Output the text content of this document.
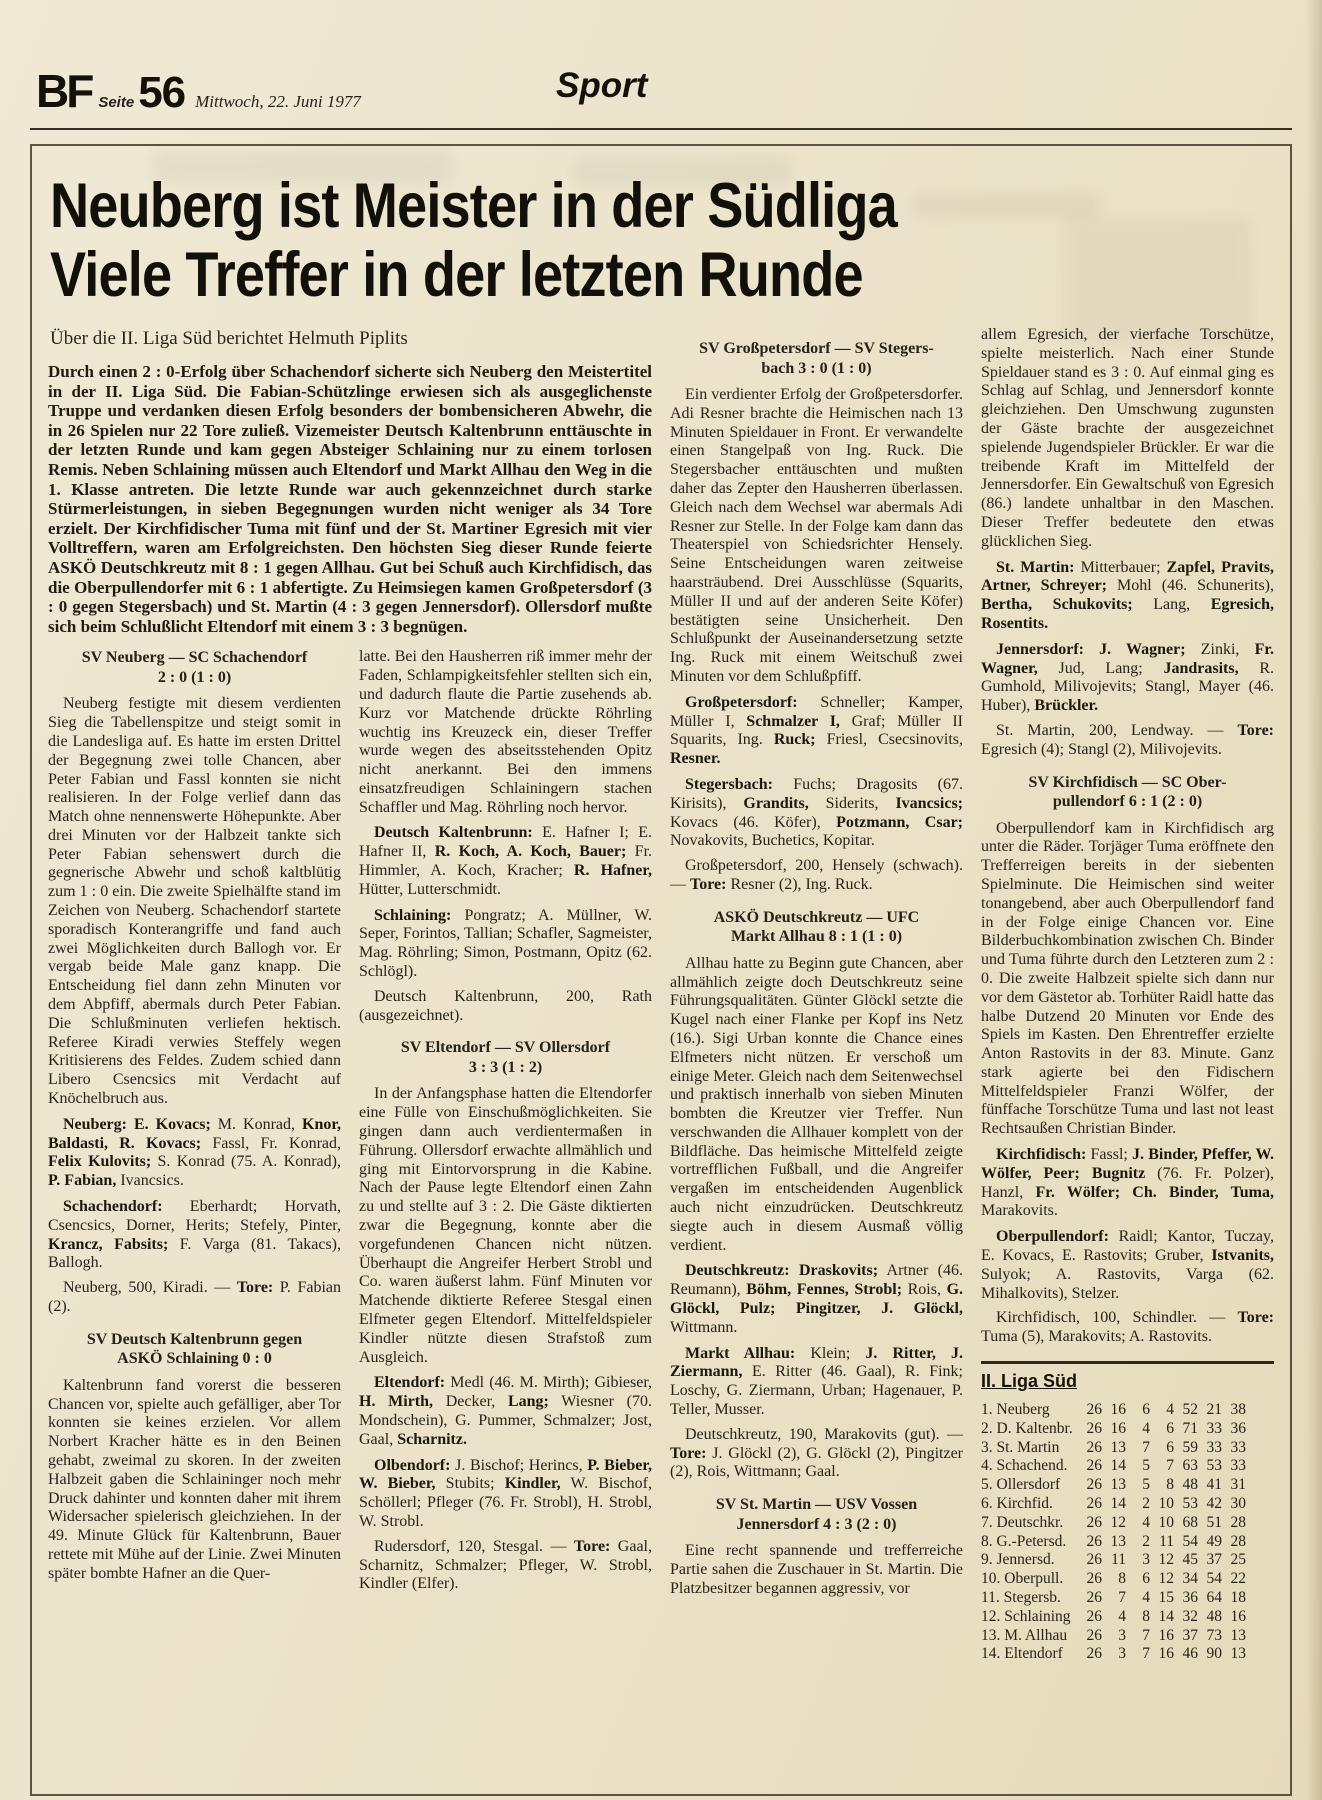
BF Seite 56 Mittwoch, 22. Juni 1977	Sport
Neuberg ist Meister in der Südliga
Viele Treffer in der letzten Runde
Über die II. Liga Süd berichtet Helmuth Piplits

Durch einen 2 : 0-Erfolg über Schachendorf sicherte sich Neuberg den Meistertitel in der II. Liga Süd. Die Fabian-Schützlinge erwiesen sich als ausgeglichenste Truppe und verdanken diesen Erfolg besonders der bombensicheren Abwehr, die in 26 Spielen nur 22 Tore zuließ. Vizemeister Deutsch Kaltenbrunn enttäuschte in der letzten Runde und kam gegen Absteiger Schlaining nur zu einem torlosen Remis. Neben Schlaining müssen auch Eltendorf und Markt Allhau den Weg in die 1. Klasse antreten. Die letzte Runde war auch gekennzeichnet durch starke Stürmerleistungen, in sieben Begegnungen wurden nicht weniger als 34 Tore erzielt. Der Kirchfidischer Tuma mit fünf und der St. Martiner Egresich mit vier Volltreffern, waren am Erfolgreichsten. Den höchsten Sieg dieser Runde feierte ASKÖ Deutschkreutz mit 8 : 1 gegen Allhau. Gut bei Schuß auch Kirchfidisch, das die Oberpullendorfer mit 6 : 1 abfertigte. Zu Heimsiegen kamen Großpetersdorf (3 : 0 gegen Stegersbach) und St. Martin (4 : 3 gegen Jennersdorf). Ollersdorf mußte sich beim Schlußlicht Eltendorf mit einem 3 : 3 begnügen.

SV Neuberg — SC Schachendorf
2 : 0 (1 : 0)

Neuberg festigte mit diesem verdienten Sieg die Tabellenspitze und steigt somit in die Landesliga auf. Es hatte im ersten Drittel der Begegnung zwei tolle Chancen, aber Peter Fabian und Fassl konnten sie nicht realisieren. In der Folge verlief dann das Match ohne nennenswerte Höhepunkte. Aber drei Minuten vor der Halbzeit tankte sich Peter Fabian sehenswert durch die gegnerische Abwehr und schoß kaltblütig zum 1 : 0 ein. Die zweite Spielhälfte stand im Zeichen von Neuberg. Schachendorf startete sporadisch Konterangriffe und fand auch zwei Möglichkeiten durch Ballogh vor. Er vergab beide Male ganz knapp. Die Entscheidung fiel dann zehn Minuten vor dem Abpfiff, abermals durch Peter Fabian. Die Schlußminuten verliefen hektisch. Referee Kiradi verwies Steffely wegen Kritisierens des Feldes. Zudem schied dann Libero Csencsics mit Verdacht auf Knöchelbruch aus.

Neuberg: E. Kovacs; M. Konrad, Knor, Baldasti, R. Kovacs; Fassl, Fr. Konrad, Felix Kulovits; S. Konrad (75. A. Konrad), P. Fabian, Ivancsics.

Schachendorf: Eberhardt; Horvath, Csencsics, Dorner, Herits; Stefely, Pinter, Krancz, Fabsits; F. Varga (81. Takacs), Ballogh.

Neuberg, 500, Kiradi. — Tore: P. Fabian (2).

SV Deutsch Kaltenbrunn gegen
ASKÖ Schlaining 0 : 0

Kaltenbrunn fand vorerst die besseren Chancen vor, spielte auch gefälliger, aber Tor konnten sie keines erzielen. Vor allem Norbert Kracher hätte es in den Beinen gehabt, zweimal zu skoren. In der zweiten Halbzeit gaben die Schlaininger noch mehr Druck dahinter und konnten daher mit ihrem Widersacher spielerisch gleichziehen. In der 49. Minute Glück für Kaltenbrunn, Bauer rettete mit Mühe auf der Linie. Zwei Minuten später bombte Hafner an die Quer-

latte. Bei den Hausherren riß immer mehr der Faden, Schlampigkeitsfehler stellten sich ein, und dadurch flaute die Partie zusehends ab. Kurz vor Matchende drückte Röhrling wuchtig ins Kreuzeck ein, dieser Treffer wurde wegen des abseitsstehenden Opitz nicht anerkannt. Bei den immens einsatzfreudigen Schlainingern stachen Schaffler und Mag. Röhrling noch hervor.

Deutsch Kaltenbrunn: E. Hafner I; E. Hafner II, R. Koch, A. Koch, Bauer; Fr. Himmler, A. Koch, Kracher; R. Hafner, Hütter, Lutterschmidt.

Schlaining: Pongratz; A. Müllner, W. Seper, Forintos, Tallian; Schafler, Sagmeister, Mag. Röhrling; Simon, Postmann, Opitz (62. Schlögl).

Deutsch Kaltenbrunn, 200, Rath (ausgezeichnet).

SV Eltendorf — SV Ollersdorf
3 : 3 (1 : 2)

In der Anfangsphase hatten die Eltendorfer eine Fülle von Einschußmöglichkeiten. Sie gingen dann auch verdientermaßen in Führung. Ollersdorf erwachte allmählich und ging mit Eintorvorsprung in die Kabine. Nach der Pause legte Eltendorf einen Zahn zu und stellte auf 3 : 2. Die Gäste diktierten zwar die Begegnung, konnte aber die vorgefundenen Chancen nicht nützen. Überhaupt die Angreifer Herbert Strobl und Co. waren äußerst lahm. Fünf Minuten vor Matchende diktierte Referee Stesgal einen Elfmeter gegen Eltendorf. Mittelfeldspieler Kindler nützte diesen Strafstoß zum Ausgleich.

Eltendorf: Medl (46. M. Mirth); Gibieser, H. Mirth, Decker, Lang; Wiesner (70. Mondschein), G. Pummer, Schmalzer; Jost, Gaal, Scharnitz.

Olbendorf: J. Bischof; Herincs, P. Bieber, W. Bieber, Stubits; Kindler, W. Bischof, Schöllerl; Pfleger (76. Fr. Strobl), H. Strobl, W. Strobl.

Rudersdorf, 120, Stesgal. — Tore: Gaal, Scharnitz, Schmalzer; Pfleger, W. Strobl, Kindler (Elfer).

SV Großpetersdorf — SV Stegers-
bach 3 : 0 (1 : 0)

Ein verdienter Erfolg der Großpetersdorfer. Adi Resner brachte die Heimischen nach 13 Minuten Spieldauer in Front. Er verwandelte einen Stangelpaß von Ing. Ruck. Die Stegersbacher enttäuschten und mußten daher das Zepter den Hausherren überlassen. Gleich nach dem Wechsel war abermals Adi Resner zur Stelle. In der Folge kam dann das Theaterspiel von Schiedsrichter Hensely. Seine Entscheidungen waren zeitweise haarsträubend. Drei Ausschlüsse (Squarits, Müller II und auf der anderen Seite Köfer) bestätigten seine Unsicherheit. Den Schlußpunkt der Auseinandersetzung setzte Ing. Ruck mit einem Weitschuß zwei Minuten vor dem Schlußpfiff.

Großpetersdorf: Schneller; Kamper, Müller I, Schmalzer I, Graf; Müller II Squarits, Ing. Ruck; Friesl, Csecsinovits, Resner.

Stegersbach: Fuchs; Dragosits (67. Kirisits), Grandits, Siderits, Ivancsics; Kovacs (46. Köfer), Potzmann, Csar; Novakovits, Buchetics, Kopitar.

Großpetersdorf, 200, Hensely (schwach). — Tore: Resner (2), Ing. Ruck.

ASKÖ Deutschkreutz — UFC
Markt Allhau 8 : 1 (1 : 0)

Allhau hatte zu Beginn gute Chancen, aber allmählich zeigte doch Deutschkreutz seine Führungsqualitäten. Günter Glöckl setzte die Kugel nach einer Flanke per Kopf ins Netz (16.). Sigi Urban konnte die Chance eines Elfmeters nicht nützen. Er verschoß um einige Meter. Gleich nach dem Seitenwechsel und praktisch innerhalb von sieben Minuten bombten die Kreutzer vier Treffer. Nun verschwanden die Allhauer komplett von der Bildfläche. Das heimische Mittelfeld zeigte vortrefflichen Fußball, und die Angreifer vergaßen im entscheidenden Augenblick auch nicht einzudrücken. Deutschkreutz siegte auch in diesem Ausmaß völlig verdient.

Deutschkreutz: Draskovits; Artner (46. Reumann), Böhm, Fennes, Strobl; Rois, G. Glöckl, Pulz; Pingitzer, J. Glöckl, Wittmann.

Markt Allhau: Klein; J. Ritter, J. Ziermann, E. Ritter (46. Gaal), R. Fink; Loschy, G. Ziermann, Urban; Hagenauer, P. Teller, Musser.

Deutschkreutz, 190, Marakovits (gut). — Tore: J. Glöckl (2), G. Glöckl (2), Pingitzer (2), Rois, Wittmann; Gaal.

SV St. Martin — USV Vossen
Jennersdorf 4 : 3 (2 : 0)

Eine recht spannende und trefferreiche Partie sahen die Zuschauer in St. Martin. Die Platzbesitzer begannen aggressiv, vor

allem Egresich, der vierfache Torschütze, spielte meisterlich. Nach einer Stunde Spieldauer stand es 3 : 0. Auf einmal ging es Schlag auf Schlag, und Jennersdorf konnte gleichziehen. Den Umschwung zugunsten der Gäste brachte der ausgezeichnet spielende Jugendspieler Brückler. Er war die treibende Kraft im Mittelfeld der Jennersdorfer. Ein Gewaltschuß von Egresich (86.) landete unhaltbar in den Maschen. Dieser Treffer bedeutete den etwas glücklichen Sieg.

St. Martin: Mitterbauer; Zapfel, Pravits, Artner, Schreyer; Mohl (46. Schunerits), Bertha, Schukovits; Lang, Egresich, Rosentits.

Jennersdorf: J. Wagner; Zinki, Fr. Wagner, Jud, Lang; Jandrasits, R. Gumhold, Milivojevits; Stangl, Mayer (46. Huber), Brückler.

St. Martin, 200, Lendway. — Tore: Egresich (4); Stangl (2), Milivojevits.

SV Kirchfidisch — SC Ober-
pullendorf 6 : 1 (2 : 0)

Oberpullendorf kam in Kirchfidisch arg unter die Räder. Torjäger Tuma eröffnete den Trefferreigen bereits in der siebenten Spielminute. Die Heimischen sind weiter tonangebend, aber auch Oberpullendorf fand in der Folge einige Chancen vor. Eine Bilderbuchkombination zwischen Ch. Binder und Tuma führte durch den Letzteren zum 2 : 0. Die zweite Halbzeit spielte sich dann nur vor dem Gästetor ab. Torhüter Raidl hatte das halbe Dutzend 20 Minuten vor Ende des Spiels im Kasten. Den Ehrentreffer erzielte Anton Rastovits in der 83. Minute. Ganz stark agierte bei den Fidischern Mittelfeldspieler Franzi Wölfer, der fünffache Torschütze Tuma und last not least Rechtsaußen Christian Binder.

Kirchfidisch: Fassl; J. Binder, Pfeffer, W. Wölfer, Peer; Bugnitz (76. Fr. Polzer), Hanzl, Fr. Wölfer; Ch. Binder, Tuma, Marakovits.

Oberpullendorf: Raidl; Kantor, Tuczay, E. Kovacs, E. Rastovits; Gruber, Istvanits, Sulyok; A. Rastovits, Varga (62. Mihalkovits), Stelzer.

Kirchfidisch, 100, Schindler. — Tore: Tuma (5), Marakovits; A. Rastovits.

II. Liga Süd
1. Neuberg	26 16	6	4 52 21 38
2. D. Kaltenbr. 26 16	4	6 71 33 36
3. St. Martin	26 13	7	6 59 33 33
4. Schachend.	26 14	5	7 63 53 33
5. Ollersdorf	26 13	5	8 48 41 31
6. Kirchfid.	26 14	2 10 53 42 30
7. Deutschkr.	26 12	4 10 68 51 28
8. G.-Petersd.	26 13	2 11 54 49 28
9. Jennersd.	26 11	3 12 45 37 25
10. Oberpull.	26	8	6 12 34 54 22
11. Stegersb.	26	7	4 15 36 64 18
12. Schlaining	26	4	8 14 32 48 16
13. M. Allhau	26	3	7 16 37 73 13
14. Eltendorf	26	3	7 16 46 90 13
